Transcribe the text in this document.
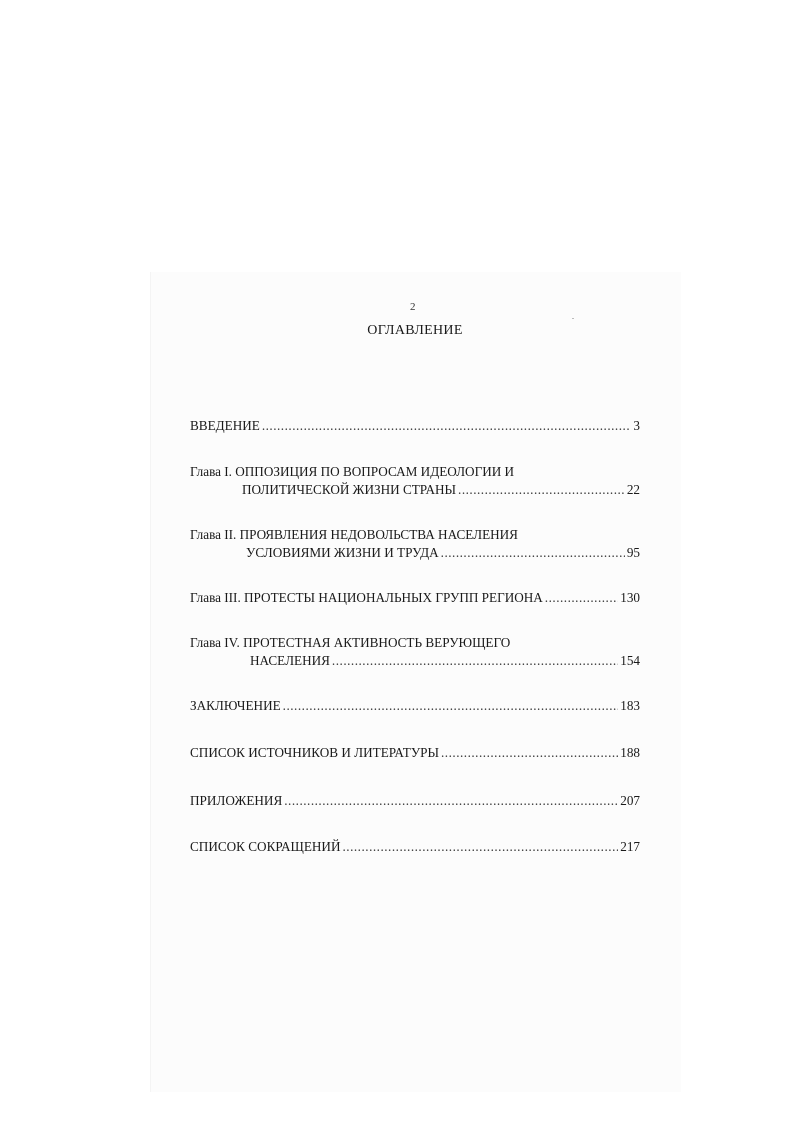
2
ОГЛАВЛЕНИЕ
ВВЕДЕНИЕ .....	3
Глава I. ОППОЗИЦИЯ ПО ВОПРОСАМ ИДЕОЛОГИИ И
ПОЛИТИЧЕСКОЙ ЖИЗНИ СТРАНЫ .....	22
Глава II. ПРОЯВЛЕНИЯ НЕДОВОЛЬСТВА НАСЕЛЕНИЯ
УСЛОВИЯМИ ЖИЗНИ И ТРУДА .....	95
Глава III. ПРОТЕСТЫ НАЦИОНАЛЬНЫХ ГРУПП РЕГИОНА .....	130
Глава IV. ПРОТЕСТНАЯ АКТИВНОСТЬ ВЕРУЮЩЕГО
НАСЕЛЕНИЯ .....	154
ЗАКЛЮЧЕНИЕ .....	183
СПИСОК ИСТОЧНИКОВ И ЛИТЕРАТУРЫ .....	188
ПРИЛОЖЕНИЯ .....	207
СПИСОК СОКРАЩЕНИЙ .....	217
